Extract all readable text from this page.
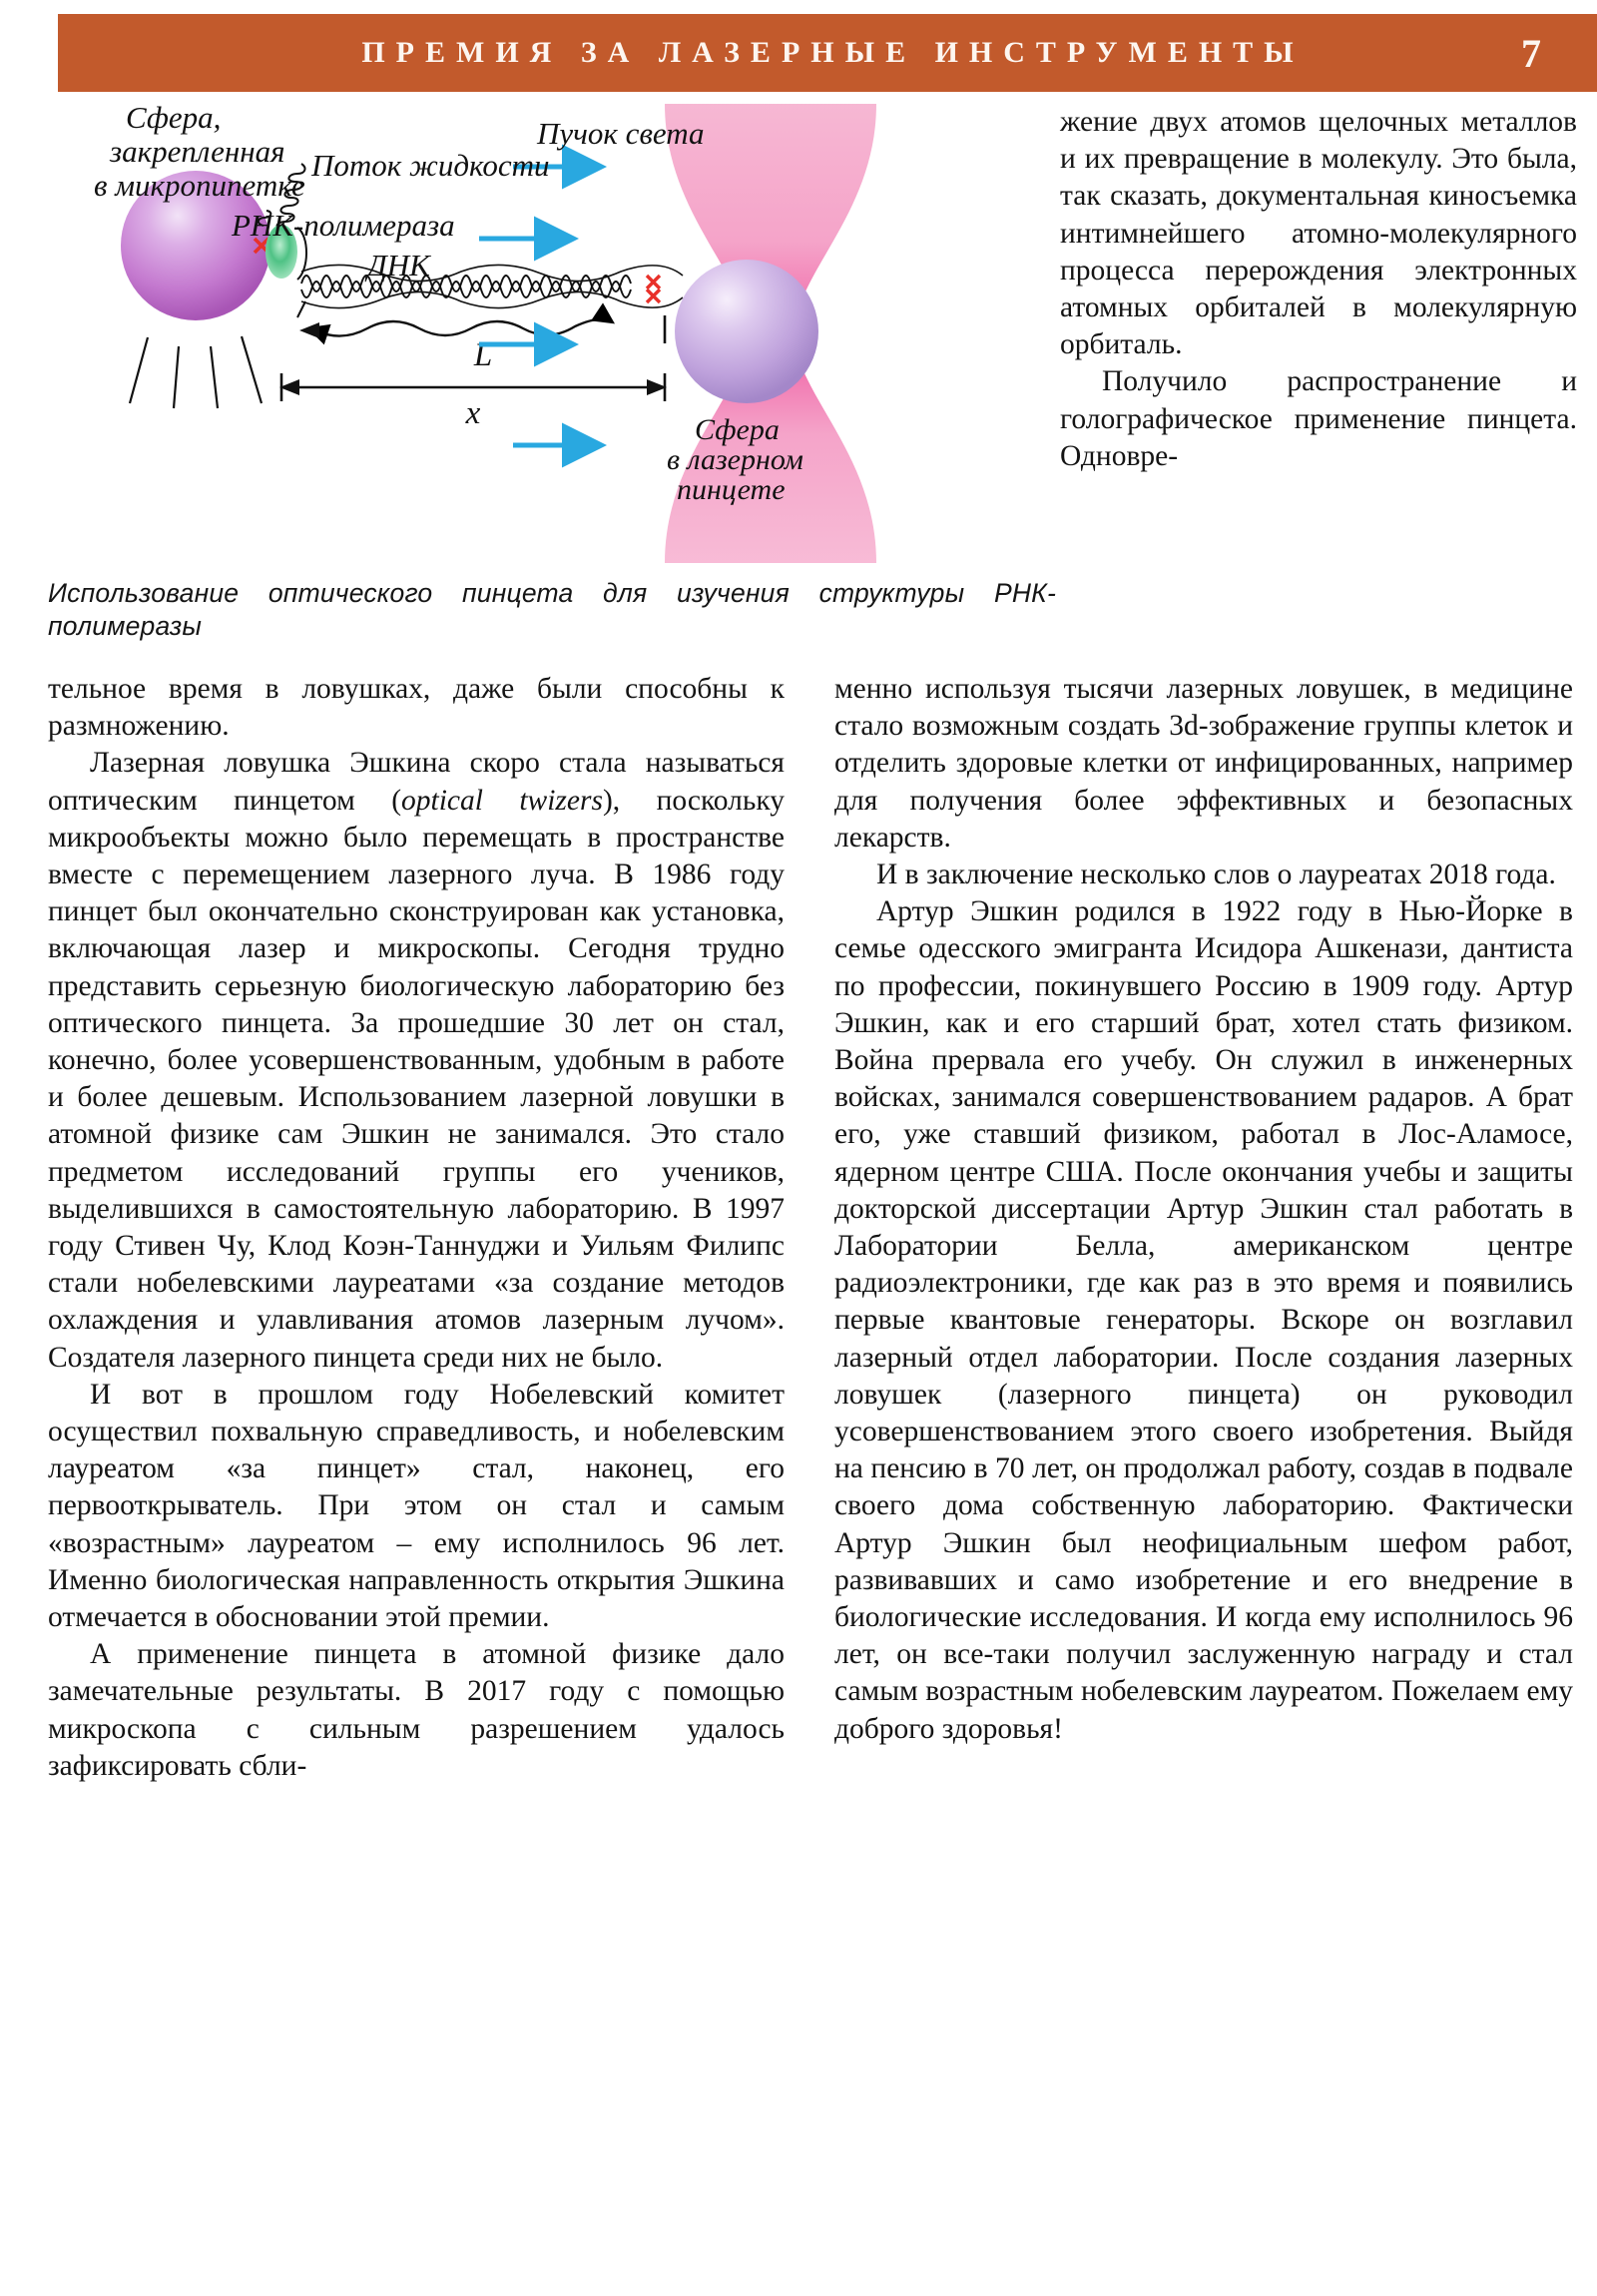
ПРЕМИЯ ЗА ЛАЗЕРНЫЕ ИНСТРУМЕНТЫ	7
L
x
Сфера,
закрепленная
в микропипетке
Поток жидкости
РНК-полимераза
ДНК
Пучок света
Сфера
в лазерном
пинцете
Использование оптического пинцета для изучения структуры РНК-полимеразы

жение двух атомов щелочных металлов и их превращение в молекулу. Это была, так сказать, документальная киносъемка интимнейшего атомно-молекулярного процесса перерождения электронных атомных орбиталей в молекулярную орбиталь.

Получило распространение и голографическое применение пинцета. Одновре-

тельное время в ловушках, даже были способны к размножению.

Лазерная ловушка Эшкина скоро стала называться оптическим пинцетом (optical twizers), поскольку микрообъекты можно было перемещать в пространстве вместе с перемещением лазерного луча. В 1986 году пинцет был окончательно сконструирован как установка, включающая лазер и микроскопы. Сегодня трудно представить серьезную биологическую лабораторию без оптического пинцета. За прошедшие 30 лет он стал, конечно, более усовершенствованным, удобным в работе и более дешевым. Использованием лазерной ловушки в атомной физике сам Эшкин не занимался. Это стало предметом исследований группы его учеников, выделившихся в самостоятельную лабораторию. В 1997 году Стивен Чу, Клод Коэн-Таннуджи и Уильям Филипс стали нобелевскими лауреатами «за создание методов охлаждения и улавливания атомов лазерным лучом». Создателя лазерного пинцета среди них не было.

И вот в прошлом году Нобелевский комитет осуществил похвальную справедливость, и нобелевским лауреатом «за пинцет» стал, наконец, его первооткрыватель. При этом он стал и самым «возрастным» лауреатом – ему исполнилось 96 лет. Именно биологическая направленность открытия Эшкина отмечается в обосновании этой премии.

А применение пинцета в атомной физике дало замечательные результаты. В 2017 году с помощью микроскопа с сильным разрешением удалось зафиксировать сбли-

менно используя тысячи лазерных ловушек, в медицине стало возможным создать 3d-зображение группы клеток и отделить здоровые клетки от инфицированных, например для получения более эффективных и безопасных лекарств.

И в заключение несколько слов о лауреатах 2018 года.

Артур Эшкин родился в 1922 году в Нью-Йорке в семье одесского эмигранта Исидора Ашкенази, дантиста по профессии, покинувшего Россию в 1909 году. Артур Эшкин, как и его старший брат, хотел стать физиком. Война прервала его учебу. Он служил в инженерных войсках, занимался совершенствованием радаров. А брат его, уже ставший физиком, работал в Лос-Аламосе, ядерном центре США. После окончания учебы и защиты докторской диссертации Артур Эшкин стал работать в Лаборатории Белла, американском центре радиоэлектроники, где как раз в это время и появились первые квантовые генераторы. Вскоре он возглавил лазерный отдел лаборатории. После создания лазерных ловушек (лазерного пинцета) он руководил усовершенствованием этого своего изобретения. Выйдя на пенсию в 70 лет, он продолжал работу, создав в подвале своего дома собственную лабораторию. Фактически Артур Эшкин был неофициальным шефом работ, развивавших и само изобретение и его внедрение в биологические исследования. И когда ему исполнилось 96 лет, он все-таки получил заслуженную награду и стал самым возрастным нобелевским лауреатом. Пожелаем ему доброго здоровья!
